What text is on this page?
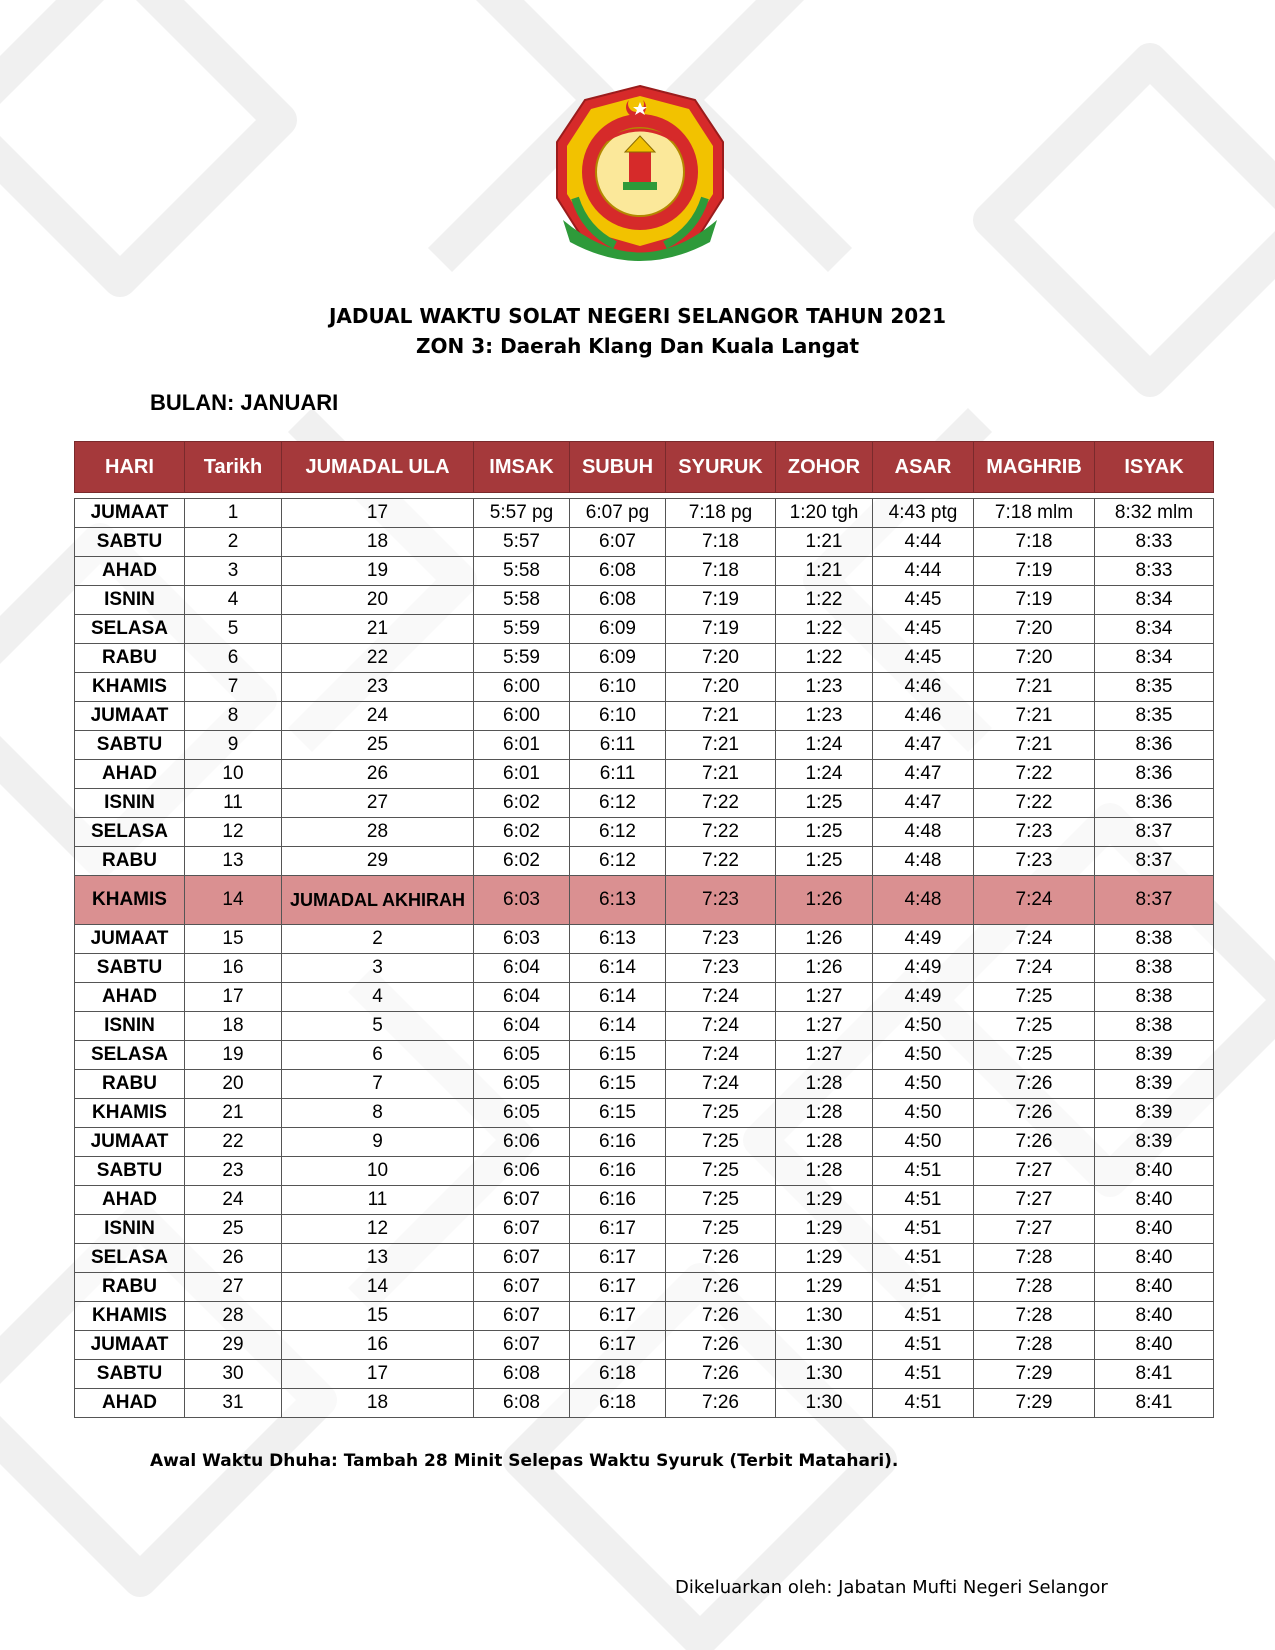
JADUAL WAKTU SOLAT NEGERI SELANGOR TAHUN 2021
ZON 3: Daerah Klang Dan Kuala Langat
BULAN: JANUARI
HARI	Tarikh	JUMADAL ULA	IMSAK	SUBUH	SYURUK	ZOHOR	ASAR	MAGHRIB	ISYAK

JUMAAT	1	17	5:57 pg	6:07 pg	7:18 pg	1:20 tgh	4:43 ptg	7:18 mlm	8:32 mlm
SABTU	2	18	5:57	6:07	7:18	1:21	4:44	7:18	8:33
AHAD	3	19	5:58	6:08	7:18	1:21	4:44	7:19	8:33
ISNIN	4	20	5:58	6:08	7:19	1:22	4:45	7:19	8:34
SELASA	5	21	5:59	6:09	7:19	1:22	4:45	7:20	8:34
RABU	6	22	5:59	6:09	7:20	1:22	4:45	7:20	8:34
KHAMIS	7	23	6:00	6:10	7:20	1:23	4:46	7:21	8:35
JUMAAT	8	24	6:00	6:10	7:21	1:23	4:46	7:21	8:35
SABTU	9	25	6:01	6:11	7:21	1:24	4:47	7:21	8:36
AHAD	10	26	6:01	6:11	7:21	1:24	4:47	7:22	8:36
ISNIN	11	27	6:02	6:12	7:22	1:25	4:47	7:22	8:36
SELASA	12	28	6:02	6:12	7:22	1:25	4:48	7:23	8:37
RABU	13	29	6:02	6:12	7:22	1:25	4:48	7:23	8:37
KHAMIS	14	JUMADAL AKHIRAH	6:03	6:13	7:23	1:26	4:48	7:24	8:37
JUMAAT	15	2	6:03	6:13	7:23	1:26	4:49	7:24	8:38
SABTU	16	3	6:04	6:14	7:23	1:26	4:49	7:24	8:38
AHAD	17	4	6:04	6:14	7:24	1:27	4:49	7:25	8:38
ISNIN	18	5	6:04	6:14	7:24	1:27	4:50	7:25	8:38
SELASA	19	6	6:05	6:15	7:24	1:27	4:50	7:25	8:39
RABU	20	7	6:05	6:15	7:24	1:28	4:50	7:26	8:39
KHAMIS	21	8	6:05	6:15	7:25	1:28	4:50	7:26	8:39
JUMAAT	22	9	6:06	6:16	7:25	1:28	4:50	7:26	8:39
SABTU	23	10	6:06	6:16	7:25	1:28	4:51	7:27	8:40
AHAD	24	11	6:07	6:16	7:25	1:29	4:51	7:27	8:40
ISNIN	25	12	6:07	6:17	7:25	1:29	4:51	7:27	8:40
SELASA	26	13	6:07	6:17	7:26	1:29	4:51	7:28	8:40
RABU	27	14	6:07	6:17	7:26	1:29	4:51	7:28	8:40
KHAMIS	28	15	6:07	6:17	7:26	1:30	4:51	7:28	8:40
JUMAAT	29	16	6:07	6:17	7:26	1:30	4:51	7:28	8:40
SABTU	30	17	6:08	6:18	7:26	1:30	4:51	7:29	8:41
AHAD	31	18	6:08	6:18	7:26	1:30	4:51	7:29	8:41
Awal Waktu Dhuha: Tambah 28 Minit Selepas Waktu Syuruk (Terbit Matahari).
Dikeluarkan oleh: Jabatan Mufti Negeri Selangor
